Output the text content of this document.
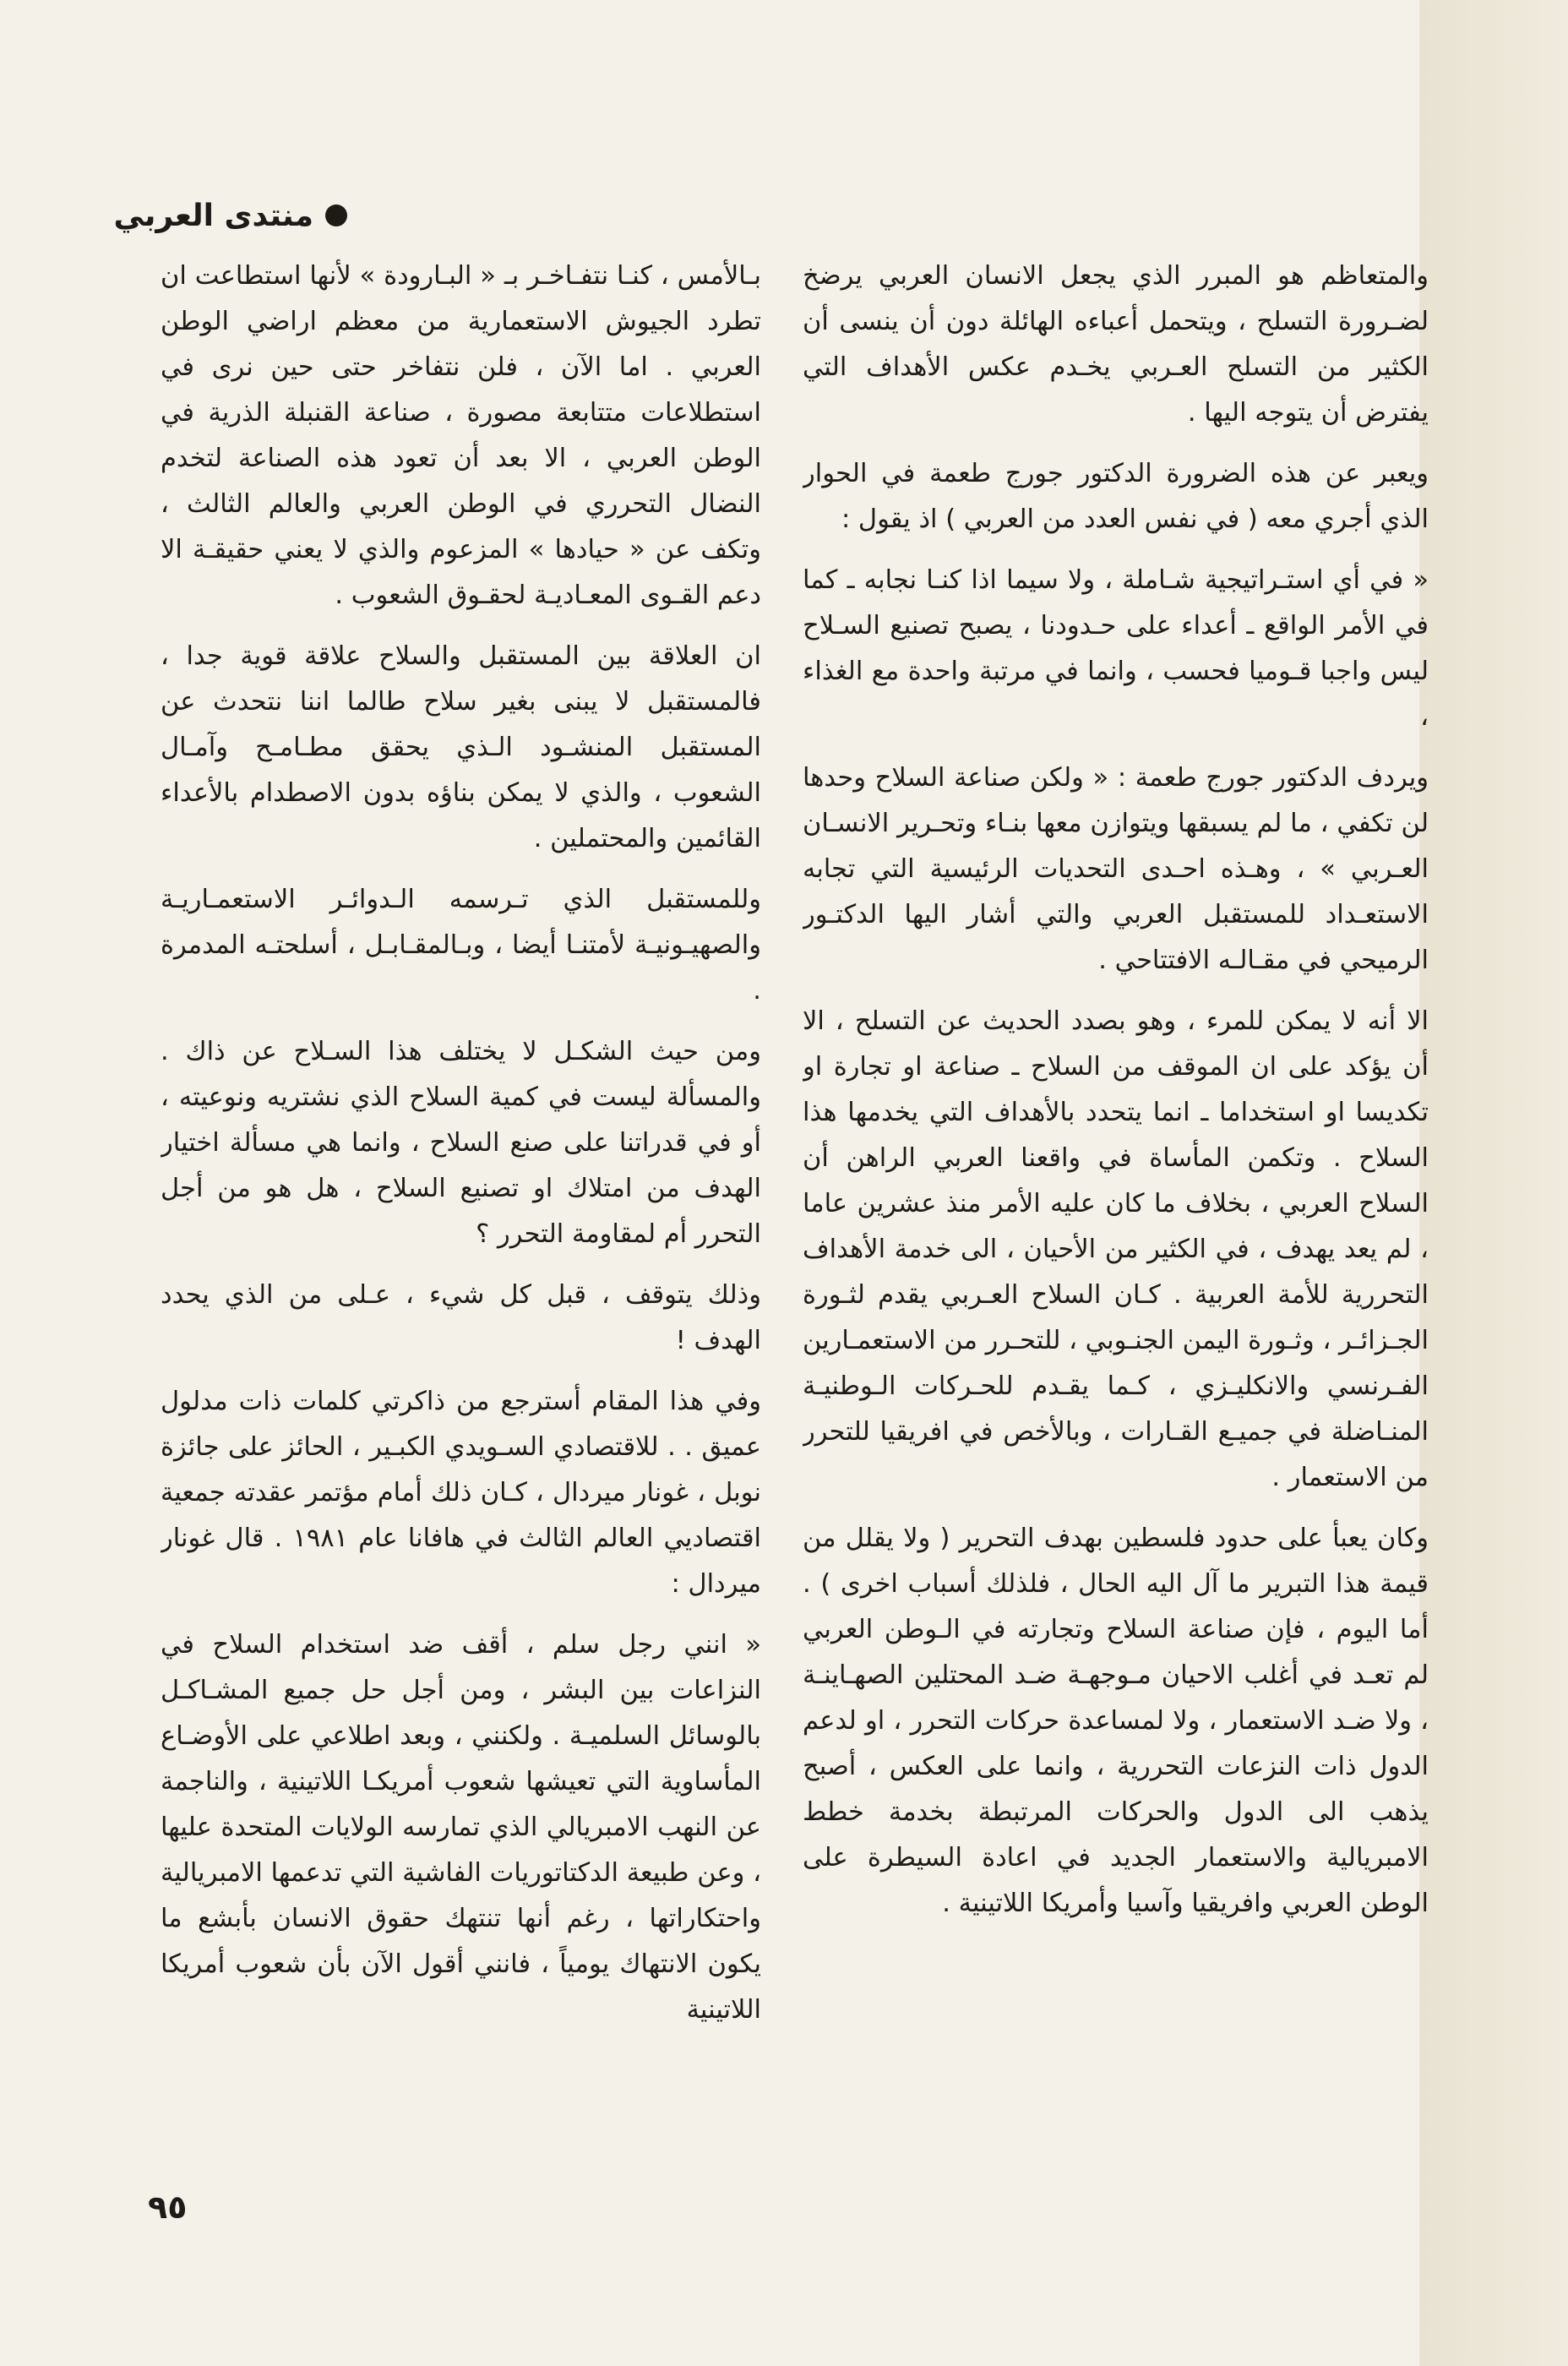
منتدى العربي

والمتعاظم هو المبرر الذي يجعل الانسان العربي يرضخ لضـرورة التسلح ، ويتحمل أعباءه الهائلة دون أن ينسى أن الكثير من التسلح العـربي يخـدم عكس الأهداف التي يفترض أن يتوجه اليها .

ويعبر عن هذه الضرورة الدكتور جورج طعمة في الحوار الذي أجري معه ( في نفس العدد من العربي ) اذ يقول :

« في أي استـراتيجية شـاملة ، ولا سيما اذا كنـا نجابه ـ كما في الأمر الواقع ـ أعداء على حـدودنا ، يصبح تصنيع السـلاح ليس واجبا قـوميا فحسب ، وانما في مرتبة واحدة مع الغذاء ،

ويردف الدكتور جورج طعمة : « ولكن صناعة السلاح وحدها لن تكفي ، ما لم يسبقها ويتوازن معها بنـاء وتحـرير الانسـان العـربي » ، وهـذه احـدى التحديات الرئيسية التي تجابه الاستعـداد للمستقبل العربي والتي أشار اليها الدكتـور الرميحي في مقـالـه الافتتاحي .

الا أنه لا يمكن للمرء ، وهو بصدد الحديث عن التسلح ، الا أن يؤكد على ان الموقف من السلاح ـ صناعة او تجارة او تكديسا او استخداما ـ انما يتحدد بالأهداف التي يخدمها هذا السلاح . وتكمن المأساة في واقعنا العربي الراهن أن السلاح العربي ، بخلاف ما كان عليه الأمر منذ عشرين عاما ، لم يعد يهدف ، في الكثير من الأحيان ، الى خدمة الأهداف التحررية للأمة العربية . كـان السلاح العـربي يقدم لثـورة الجـزائـر ، وثـورة اليمن الجنـوبي ، للتحـرر من الاستعمـارين الفـرنسي والانكليـزي ، كـما يقـدم للحـركات الـوطنيـة المنـاضلة في جميـع القـارات ، وبالأخص في افريقيا للتحرر من الاستعمار .

وكان يعبأ على حدود فلسطين بهدف التحرير ( ولا يقلل من قيمة هذا التبرير ما آل اليه الحال ، فلذلك أسباب اخرى ) . أما اليوم ، فإن صناعة السلاح وتجارته في الـوطن العربي لم تعـد في أغلب الاحيان مـوجهـة ضـد المحتلين الصهـاينـة ، ولا ضـد الاستعمار ، ولا لمساعدة حركات التحرر ، او لدعم الدول ذات النزعات التحررية ، وانما على العكس ، أصبح يذهب الى الدول والحركات المرتبطة بخدمة خطط الامبريالية والاستعمار الجديد في اعادة السيطرة على الوطن العربي وافريقيا وآسيا وأمريكا اللاتينية .

بـالأمس ، كنـا نتفـاخـر بـ « البـارودة » لأنها استطاعت ان تطرد الجيوش الاستعمارية من معظم اراضي الوطن العربي . اما الآن ، فلن نتفاخر حتى حين نرى في استطلاعات متتابعة مصورة ، صناعة القنبلة الذرية في الوطن العربي ، الا بعد أن تعود هذه الصناعة لتخدم النضال التحرري في الوطن العربي والعالم الثالث ، وتكف عن « حيادها » المزعوم والذي لا يعني حقيقـة الا دعم القـوى المعـاديـة لحقـوق الشعوب .

ان العلاقة بين المستقبل والسلاح علاقة قوية جدا ، فالمستقبل لا يبنى بغير سلاح طالما اننا نتحدث عن المستقبل المنشـود الـذي يحقق مطـامـح وآمـال الشعوب ، والذي لا يمكن بناؤه بدون الاصطدام بالأعداء القائمين والمحتملين .

وللمستقبل الذي تـرسمه الـدوائـر الاستعمـاريـة والصهيـونيـة لأمتنـا أيضا ، وبـالمقـابـل ، أسلحتـه المدمرة .

ومن حيث الشكـل لا يختلف هذا السـلاح عن ذاك . والمسألة ليست في كمية السلاح الذي نشتريه ونوعيته ، أو في قدراتنا على صنع السلاح ، وانما هي مسألة اختيار الهدف من امتلاك او تصنيع السلاح ، هل هو من أجل التحرر أم لمقاومة التحرر ؟

وذلك يتوقف ، قبل كل شيء ، عـلى من الذي يحدد الهدف !

وفي هذا المقام أسترجع من ذاكرتي كلمات ذات مدلول عميق . . للاقتصادي السـويدي الكبـير ، الحائز على جائزة نوبل ، غونار ميردال ، كـان ذلك أمام مؤتمر عقدته جمعية اقتصاديي العالم الثالث في هافانا عام ١٩٨١ . قال غونار ميردال :

« انني رجل سلم ، أقف ضد استخدام السلاح في النزاعات بين البشر ، ومن أجل حل جميع المشـاكـل بالوسائل السلميـة . ولكنني ، وبعد اطلاعي على الأوضـاع المأساوية التي تعيشها شعوب أمريكـا اللاتينية ، والناجمة عن النهب الامبريالي الذي تمارسه الولايات المتحدة عليها ، وعن طبيعة الدكتاتوريات الفاشية التي تدعمها الامبريالية واحتكاراتها ، رغم أنها تنتهك حقوق الانسان بأبشع ما يكون الانتهاك يومياً ، فانني أقول الآن بأن شعوب أمريكا اللاتينية

٩٥
